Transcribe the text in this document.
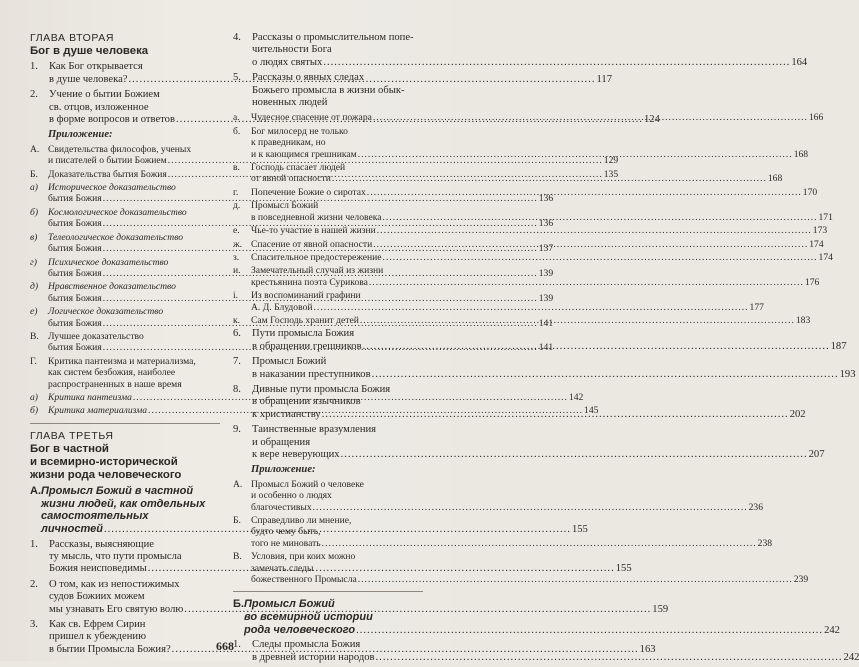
ГЛАВА ВТОРАЯ
Бог в душе человека
1.	Как Бог открывается
в душе человека? .....	117
2.	Учение о бытии Божием
св. отцов, изложенное
в форме вопросов и ответов .....	124
Приложение:
А. Свидетельства философов, ученых
и писателей о бытии Божием .....	129
Б.	Доказательства бытия Божия .....	135
а)	Историческое доказательство
бытия Божия .....	136
б)	Космологическое доказательство
бытия Божия .....	136
в)	Телеологическое доказательство
бытия Божия .....	137
г)	Психическое доказательство
бытия Божия .....	139
д)	Нравственное доказательство
бытия Божия .....	139
е)	Логическое доказательство
бытия Божия .....	141
В. Лучшее доказательство
бытия Божия .....	141
Г.	Критика пантеизма и материализма,
как систем безбожия, наиболее
распространенных в наше время
а)	Критика пантеизма .....	142
б)	Критика материализма .....	145
ГЛАВА ТРЕТЬЯ
Бог в частной
и всемирно-исторической
жизни рода человеческого
А. Промысл Божий в частной
жизни людей, как отдельных
самостоятельных
личностей .....	155
1.	Рассказы, выясняющие
ту мысль, что пути промысла
Божия неисповедимы .....	155
2.	О том, как из непостижимых
судов Божиих можем
мы узнавать Его святую волю .....	159
3.	Как св. Ефрем Сирин
пришел к убеждению
в бытии Промысла Божия? .....	163
4.	Рассказы о промыслительном попе-
чительности Бога
о людях святых .....	164
5.	Рассказы о явных следах
Божьего промысла в жизни обык-
новенных людей
а.	Чудесное спасение от пожара .....	166
б.	Бог милосерд не только
к праведникам, но
и к кающимся грешникам .....	168
в.	Господь спасает людей
от явной опасности .....	168
г.	Попечение Божие о сиротах .....	170
д.	Промысл Божий
в повседневной жизни человека .....	171
е.	Чье-то участие в нашей жизни .....	173
ж. Спасение от явной опасности .....	174
з.	Спасительное предостережение .....	174
и.	Замечательный случай из жизни
крестьянина поэта Сурикова .....	176
i.	Из воспоминаний графини
А. Д. Блудовой .....	177
к.	Сам Господь хранит детей .....	183
6.	Пути промысла Божия
в обращении грешников .....	187
7.	Промысл Божий
в наказании преступников .....	193
8.	Дивные пути промысла Божия
в обращении язычников
к христианству .....	202
9.	Таинственные вразумления
и обращения
к вере неверующих .....	207
Приложение:
А. Промысл Божий о человеке
и особенно о людях
благочестивых .....	236
Б.	Справедливо ли мнение,
будто чему быть,
того не миновать .....	238
В. Условия, при коих можно
замечать следы
божественного Промысла .....	239
Б. Промысл Божий
во всемирной истории
рода человеческого .....	242
1.	Следы промысла Божия
в древней истории народов .....	242
668
